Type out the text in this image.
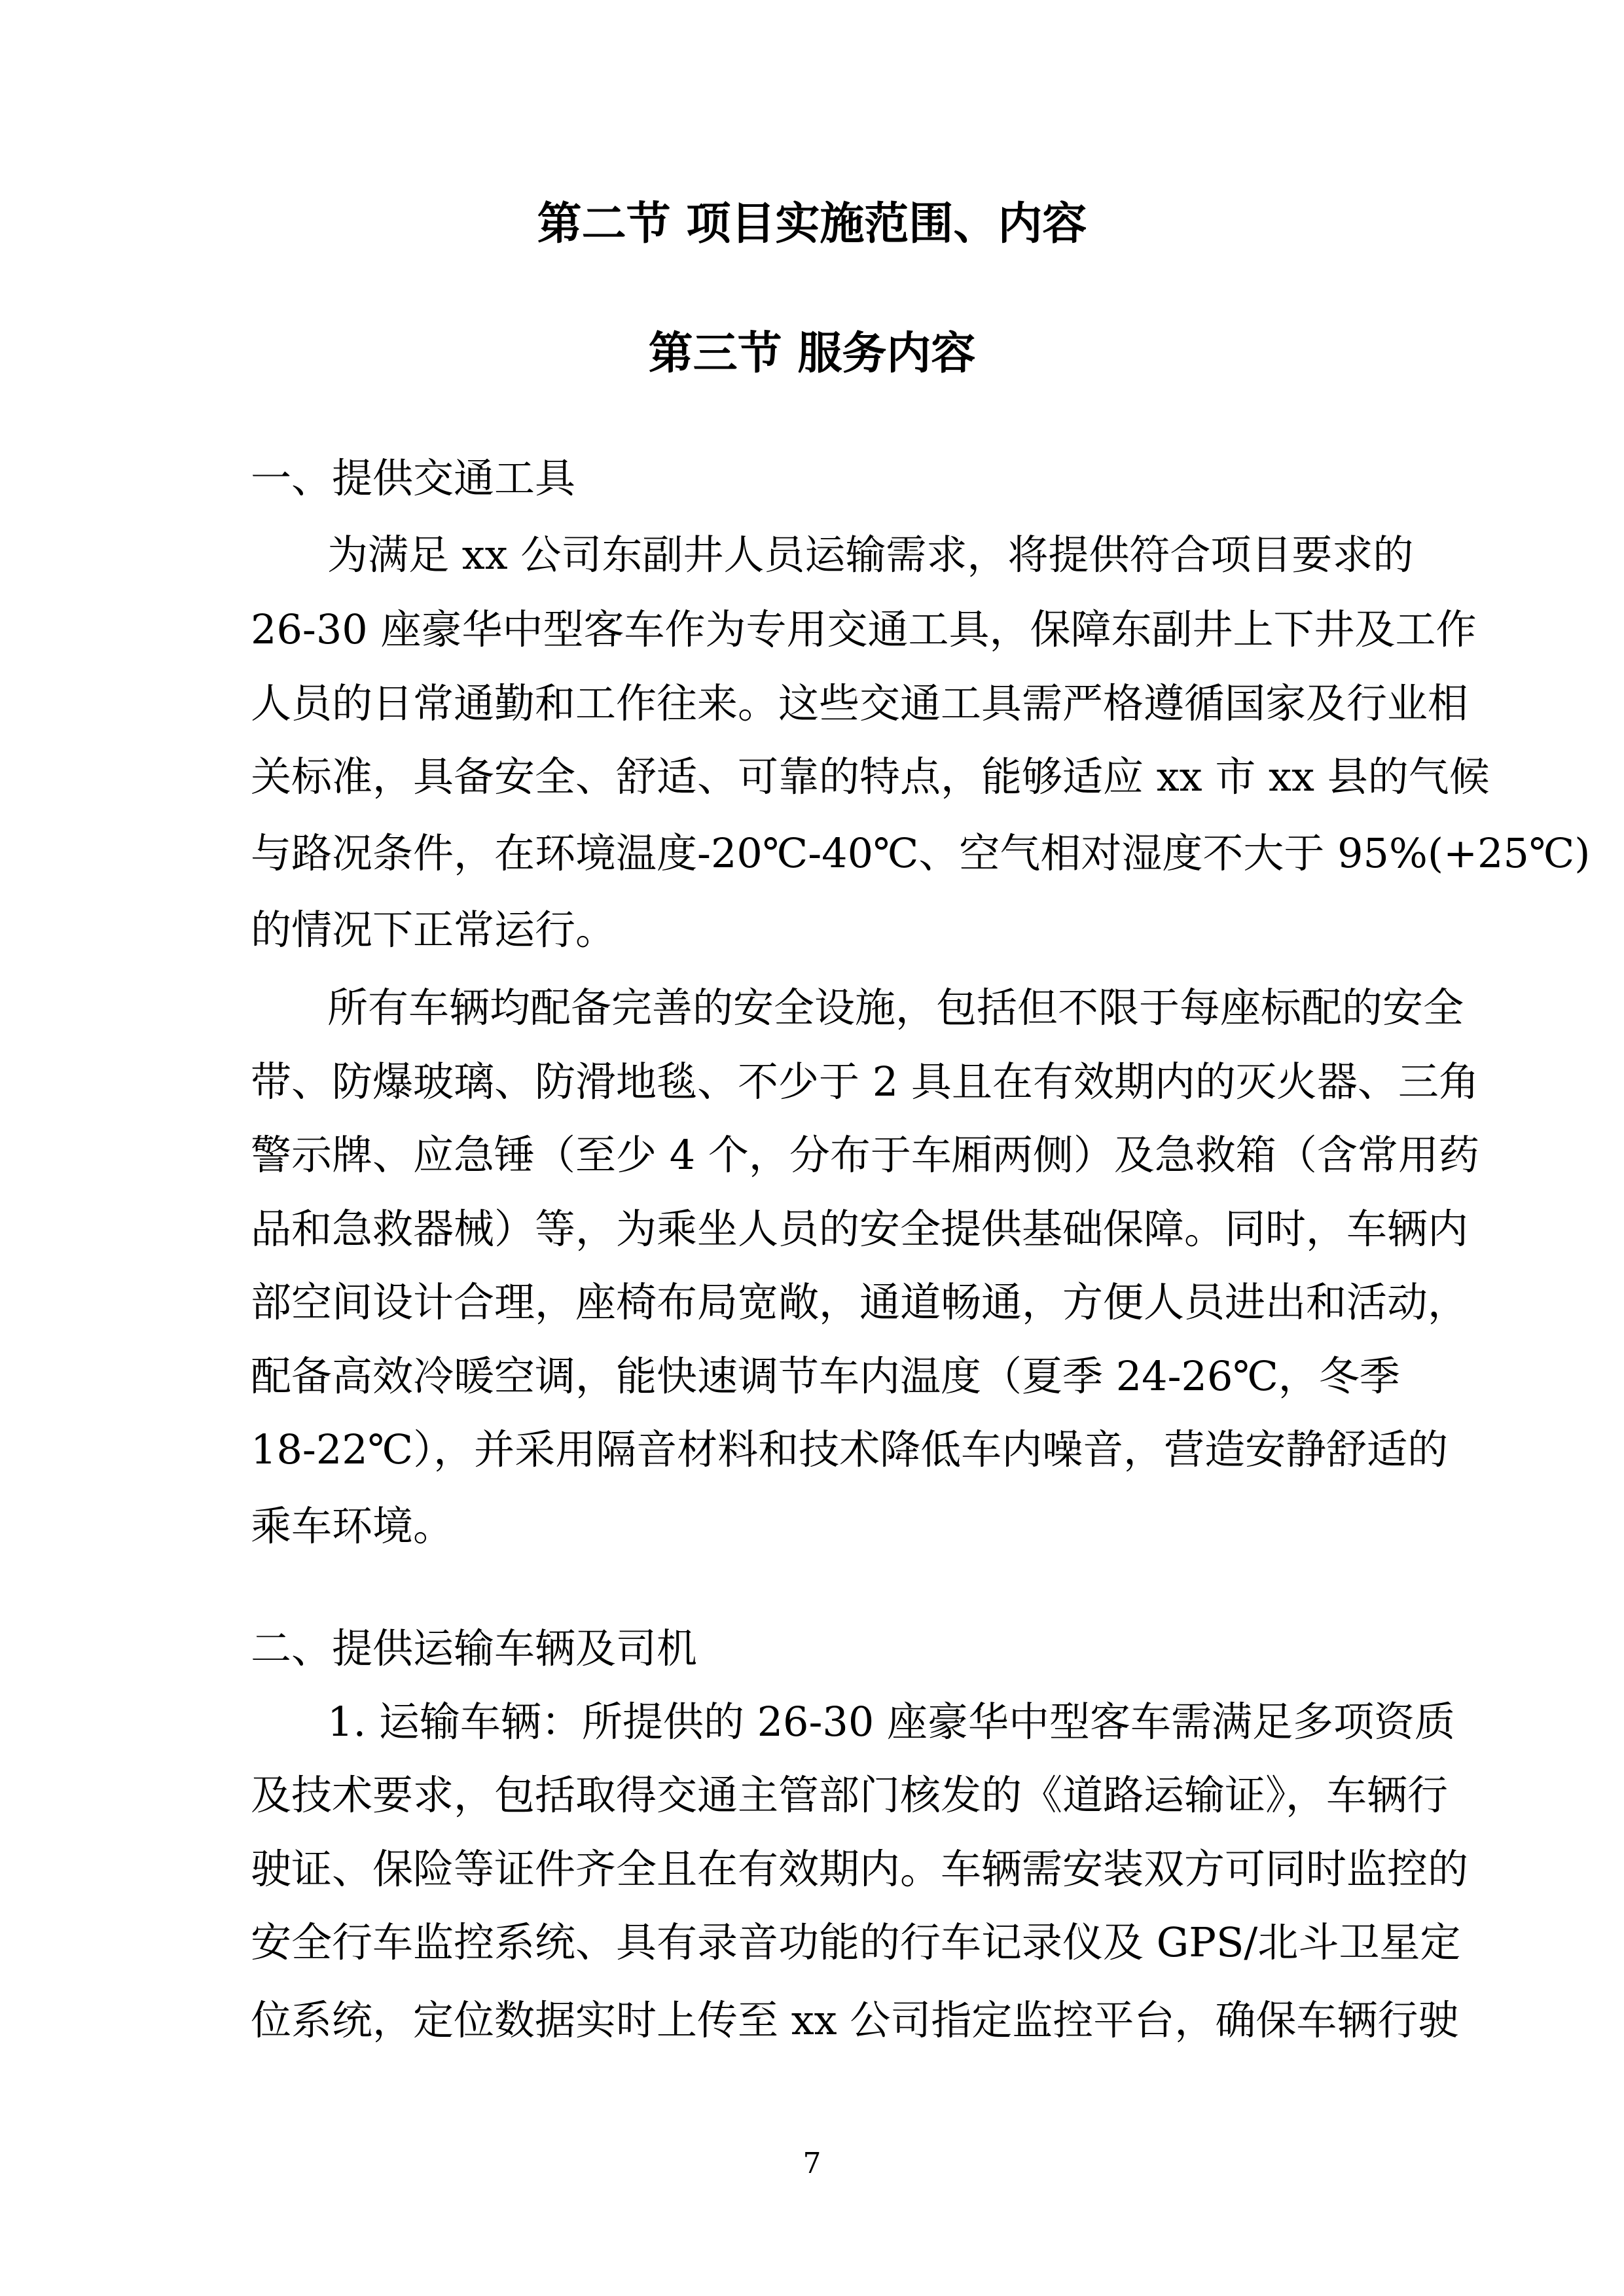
第二节 项目实施范围、内容
第三节 服务内容
一、提供交通工具
为满足 xx 公司东副井人员运输需求，将提供符合项目要求的
26-30 座豪华中型客车作为专用交通工具，保障东副井上下井及工作
人员的日常通勤和工作往来。这些交通工具需严格遵循国家及行业相
关标准，具备安全、舒适、可靠的特点，能够适应 xx 市 xx 县的气候
与路况条件，在环境温度-20℃-40℃、空气相对湿度不大于 95%(+25℃)
的情况下正常运行。
所有车辆均配备完善的安全设施，包括但不限于每座标配的安全
带、防爆玻璃、防滑地毯、不少于 2 具且在有效期内的灭火器、三角
警示牌、应急锤（至少 4 个，分布于车厢两侧）及急救箱（含常用药
品和急救器械）等，为乘坐人员的安全提供基础保障。同时，车辆内
部空间设计合理，座椅布局宽敞，通道畅通，方便人员进出和活动，
配备高效冷暖空调，能快速调节车内温度（夏季 24-26℃，冬季
18-22℃），并采用隔音材料和技术降低车内噪音，营造安静舒适的
乘车环境。
二、提供运输车辆及司机
1. 运输车辆：所提供的 26-30 座豪华中型客车需满足多项资质
及技术要求，包括取得交通主管部门核发的《道路运输证》，车辆行
驶证、保险等证件齐全且在有效期内。车辆需安装双方可同时监控的
安全行车监控系统、具有录音功能的行车记录仪及 GPS/北斗卫星定
位系统，定位数据实时上传至 xx 公司指定监控平台，确保车辆行驶
7
